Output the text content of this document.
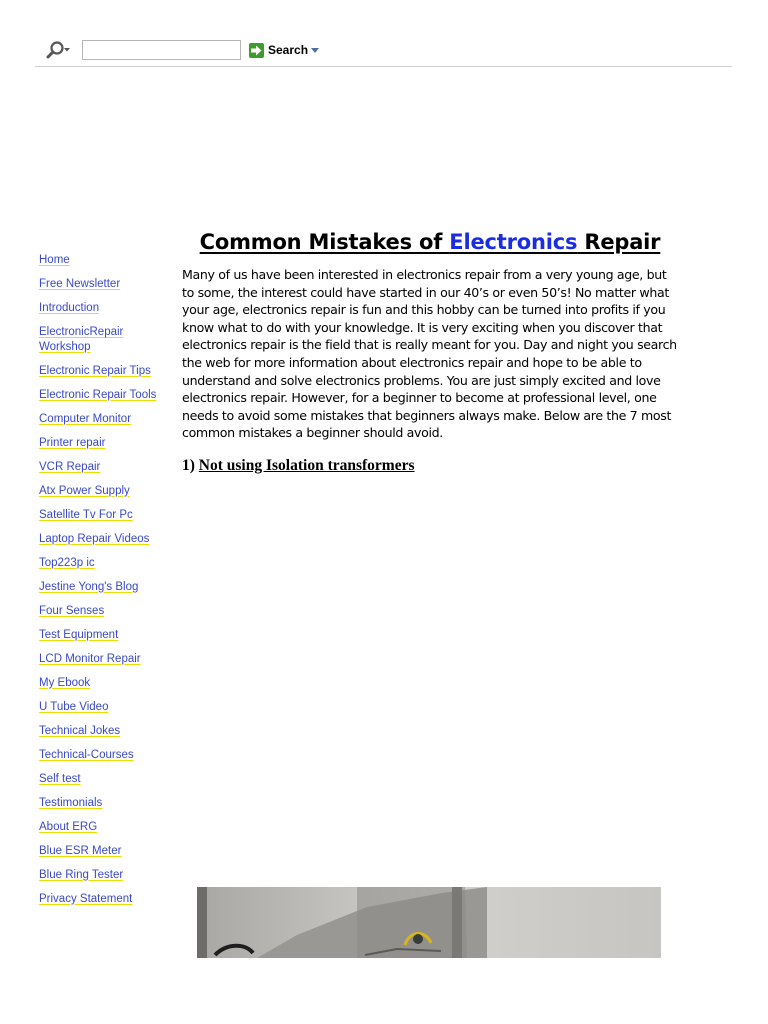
Search
Home
Free Newsletter
Introduction
ElectronicRepair Workshop
Electronic Repair Tips
Electronic Repair Tools
Computer Monitor
Printer repair
VCR Repair
Atx Power Supply
Satellite Tv For Pc
Laptop Repair Videos
Top223p ic
Jestine Yong's Blog
Four Senses
Test Equipment
LCD Monitor Repair
My Ebook
U Tube Video
Technical Jokes
Technical-Courses
Self test
Testimonials
About ERG
Blue ESR Meter
Blue Ring Tester
Privacy Statement
Common Mistakes of Electronics Repair

Many of us have been interested in electronics repair from a very young age, but to some, the interest could have started in our 40’s or even 50’s! No matter what your age, electronics repair is fun and this hobby can be turned into profits if you know what to do with your knowledge. It is very exciting when you discover that electronics repair is the field that is really meant for you. Day and night you search the web for more information about electronics repair and hope to be able to understand and solve electronics problems. You are just simply excited and love electronics repair. However, for a beginner to become at professional level, one needs to avoid some mistakes that beginners always make. Below are the 7 most common mistakes a beginner should avoid.

1) Not using Isolation transformers
